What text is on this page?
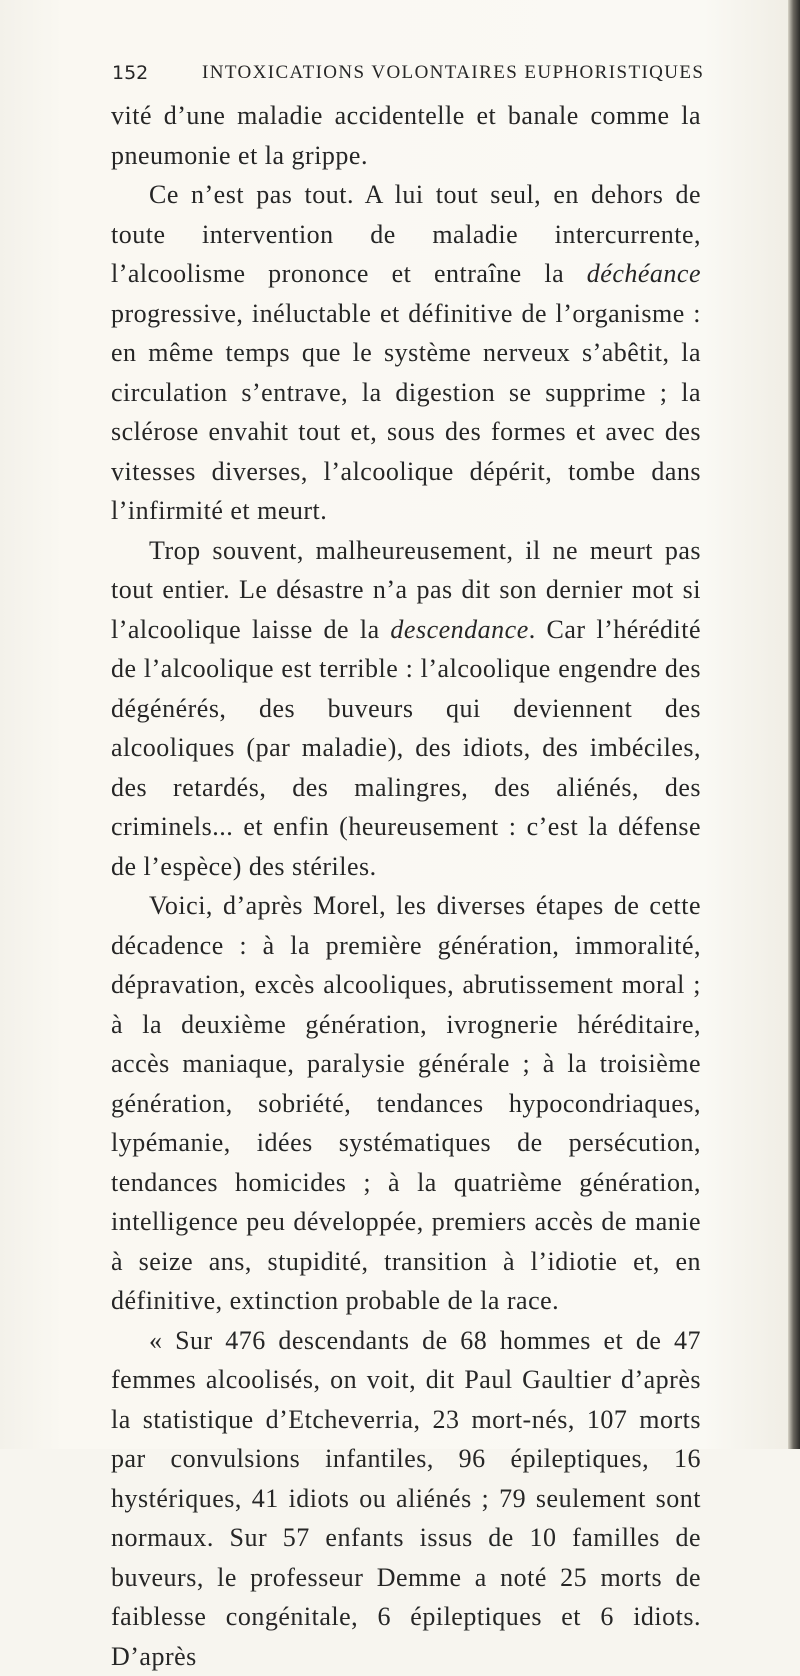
152	INTOXICATIONS VOLONTAIRES EUPHORISTIQUES

vité d’une maladie accidentelle et banale comme la pneumonie et la grippe.

Ce n’est pas tout. A lui tout seul, en dehors de toute intervention de maladie intercurrente, l’alcoolisme prononce et entraîne la déchéance progressive, inéluctable et définitive de l’organisme : en même temps que le système nerveux s’abêtit, la circulation s’entrave, la digestion se supprime ; la sclérose envahit tout et, sous des formes et avec des vitesses diverses, l’alcoolique dépérit, tombe dans l’infirmité et meurt.

Trop souvent, malheureusement, il ne meurt pas tout entier. Le désastre n’a pas dit son dernier mot si l’alcoolique laisse de la descendance. Car l’hérédité de l’alcoolique est terrible : l’alcoolique engendre des dégénérés, des buveurs qui deviennent des alcooliques (par maladie), des idiots, des imbéciles, des retardés, des malingres, des aliénés, des criminels... et enfin (heureusement : c’est la défense de l’espèce) des stériles.

Voici, d’après Morel, les diverses étapes de cette décadence : à la première génération, immoralité, dépravation, excès alcooliques, abrutissement moral ; à la deuxième génération, ivrognerie héréditaire, accès maniaque, paralysie générale ; à la troisième génération, sobriété, tendances hypocondriaques, lypémanie, idées systématiques de persécution, tendances homicides ; à la quatrième génération, intelligence peu développée, premiers accès de manie à seize ans, stupidité, transition à l’idiotie et, en définitive, extinction probable de la race.

« Sur 476 descendants de 68 hommes et de 47 femmes alcoolisés, on voit, dit Paul Gaultier d’après la statistique d’Etcheverria, 23 mort-nés, 107 morts par convulsions infantiles, 96 épileptiques, 16 hystériques, 41 idiots ou aliénés ; 79 seulement sont normaux. Sur 57 enfants issus de 10 familles de buveurs, le professeur Demme a noté 25 morts de faiblesse congénitale, 6 épileptiques et 6 idiots. D’après
